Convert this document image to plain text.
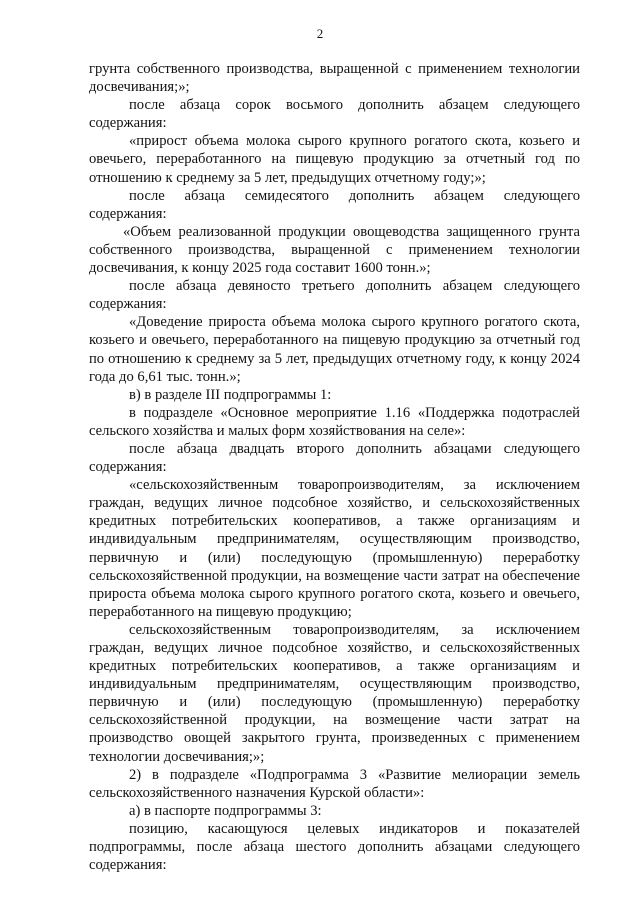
2

грунта собственного производства, выращенной с применением технологии досвечивания;»;

после абзаца сорок восьмого дополнить абзацем следующего содержания:

«прирост объема молока сырого крупного рогатого скота, козьего и овечьего, переработанного на пищевую продукцию за отчетный год по отношению к среднему за 5 лет, предыдущих отчетному году;»;

после абзаца семидесятого дополнить абзацем следующего содержания:

«Объем реализованной продукции овощеводства защищенного грунта собственного производства, выращенной с применением технологии досвечивания, к концу 2025 года составит 1600 тонн.»;

после абзаца девяносто третьего дополнить абзацем следующего содержания:

«Доведение прироста объема молока сырого крупного рогатого скота, козьего и овечьего, переработанного на пищевую продукцию за отчетный год по отношению к среднему за 5 лет, предыдущих отчетному году, к концу 2024 года до 6,61 тыс. тонн.»;

в) в разделе III подпрограммы 1:

в подразделе «Основное мероприятие 1.16 «Поддержка подотраслей сельского хозяйства и малых форм хозяйствования на селе»:

после абзаца двадцать второго дополнить абзацами следующего содержания:

«сельскохозяйственным товаропроизводителям, за исключением граждан, ведущих личное подсобное хозяйство, и сельскохозяйственных кредитных потребительских кооперативов, а также организациям и индивидуальным предпринимателям, осуществляющим производство, первичную и (или) последующую (промышленную) переработку сельскохозяйственной продукции, на возмещение части затрат на обеспечение прироста объема молока сырого крупного рогатого скота, козьего и овечьего, переработанного на пищевую продукцию;

сельскохозяйственным товаропроизводителям, за исключением граждан, ведущих личное подсобное хозяйство, и сельскохозяйственных кредитных потребительских кооперативов, а также организациям и индивидуальным предпринимателям, осуществляющим производство, первичную и (или) последующую (промышленную) переработку сельскохозяйственной продукции, на возмещение части затрат на производство овощей закрытого грунта, произведенных с применением технологии досвечивания;»;

2) в подразделе «Подпрограмма 3 «Развитие мелиорации земель сельскохозяйственного назначения Курской области»:

а) в паспорте подпрограммы 3:

позицию, касающуюся целевых индикаторов и показателей подпрограммы, после абзаца шестого дополнить абзацами следующего содержания:
